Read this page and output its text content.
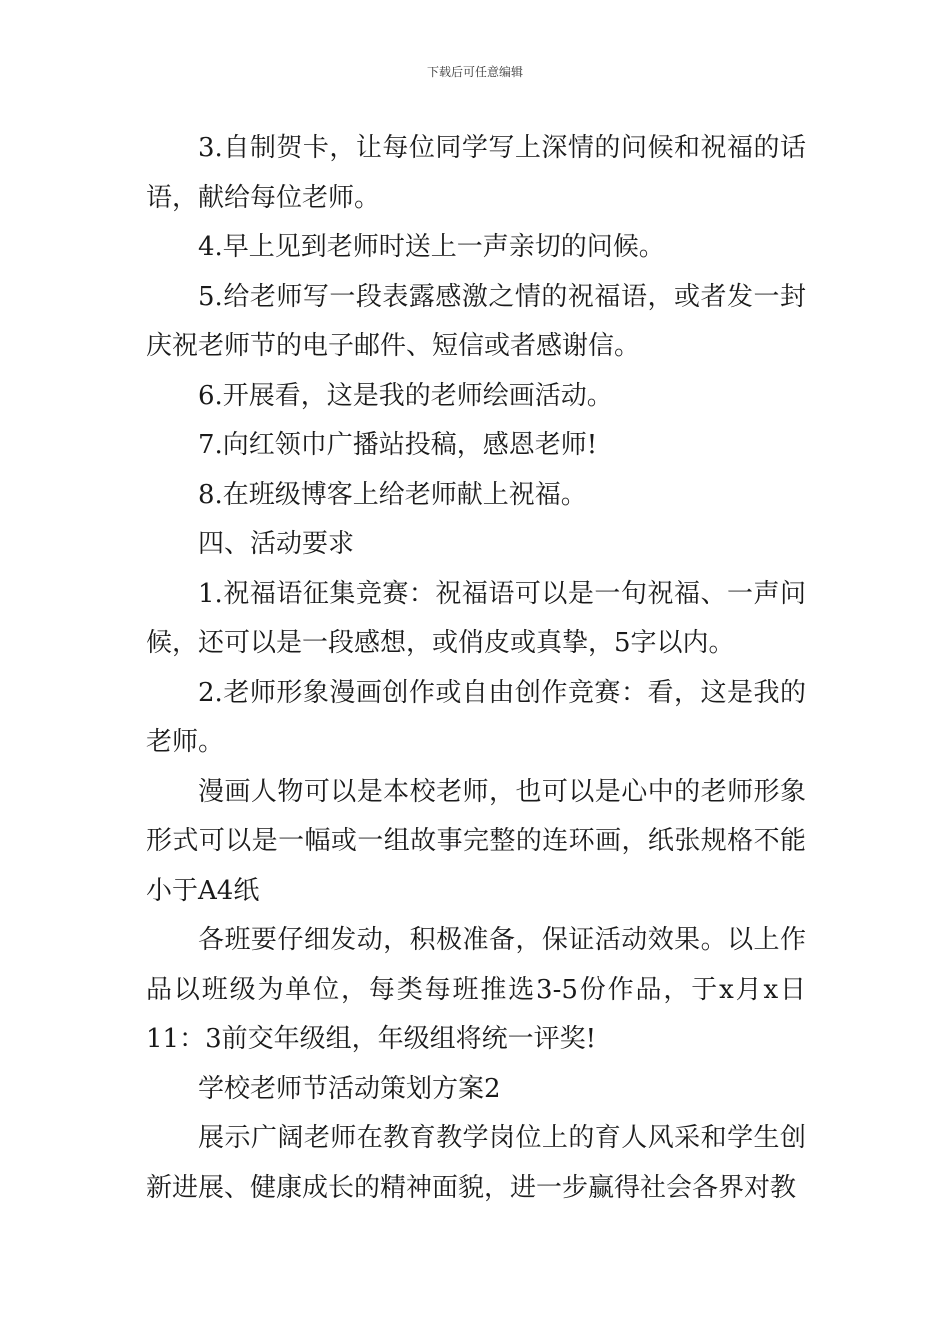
下载后可任意编辑

3.自制贺卡，让每位同学写上深情的问候和祝福的话语，献给每位老师。

4.早上见到老师时送上一声亲切的问候。

5.给老师写一段表露感激之情的祝福语，或者发一封庆祝老师节的电子邮件、短信或者感谢信。

6.开展看，这是我的老师绘画活动。

7.向红领巾广播站投稿，感恩老师!

8.在班级博客上给老师献上祝福。

四、活动要求

1.祝福语征集竞赛：祝福语可以是一句祝福、一声问候，还可以是一段感想，或俏皮或真挚，5字以内。

2.老师形象漫画创作或自由创作竞赛：看，这是我的老师。

漫画人物可以是本校老师，也可以是心中的老师形象形式可以是一幅或一组故事完整的连环画，纸张规格不能小于A4纸

各班要仔细发动，积极准备，保证活动效果。以上作品以班级为单位，每类每班推选3-5份作品，于x月x日11：3前交年级组，年级组将统一评奖!

学校老师节活动策划方案2

展示广阔老师在教育教学岗位上的育人风采和学生创新进展、健康成长的精神面貌，进一步赢得社会各界对教
